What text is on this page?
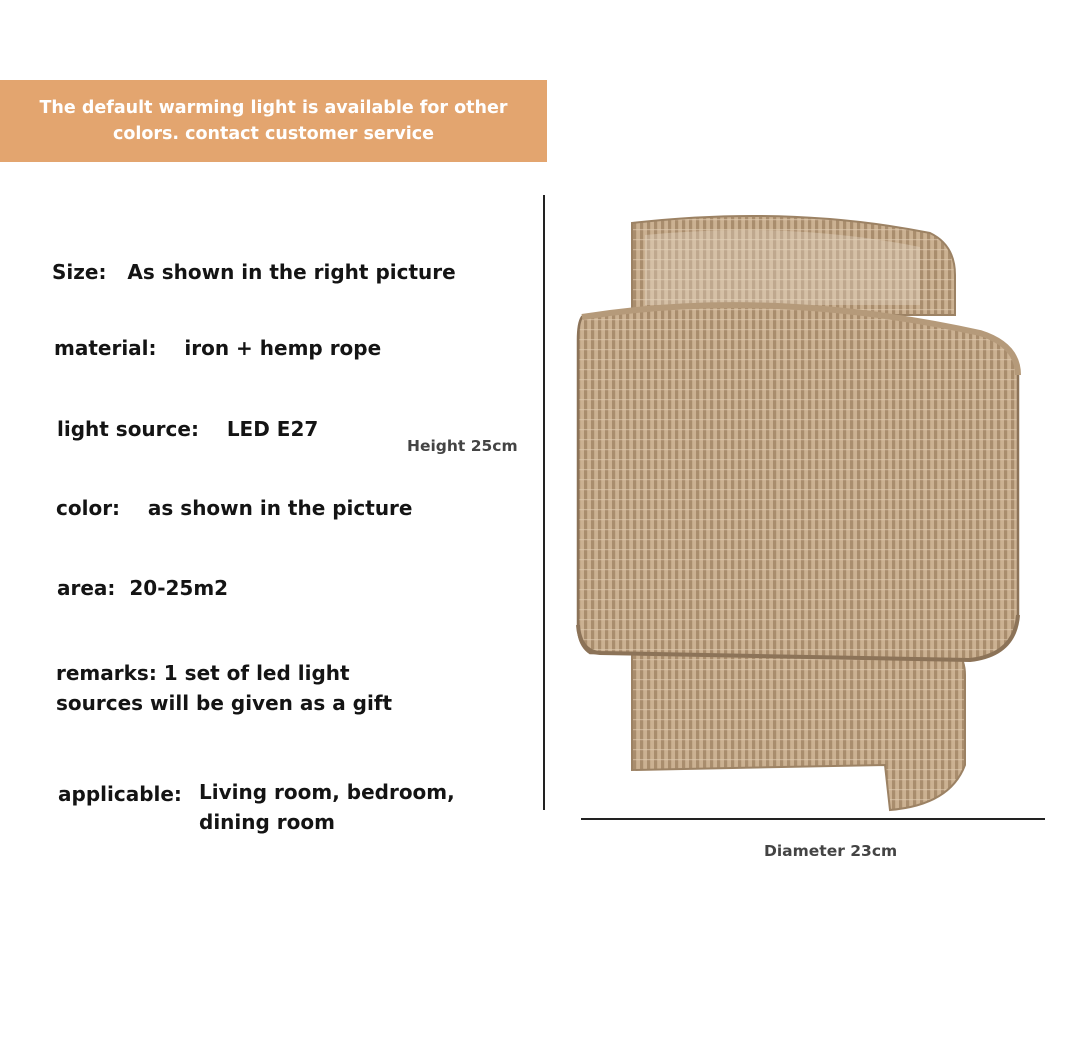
The default warming light is available for other colors. contact customer service
Size: As shown in the right picture
material: iron + hemp rope
light source: LED E27
color: as shown in the picture
area: 20-25m2
remarks: 1 set of led light sources will be given as a gift
applicable: Living room, bedroom, dining room
Height 25cm
Diameter 23cm
